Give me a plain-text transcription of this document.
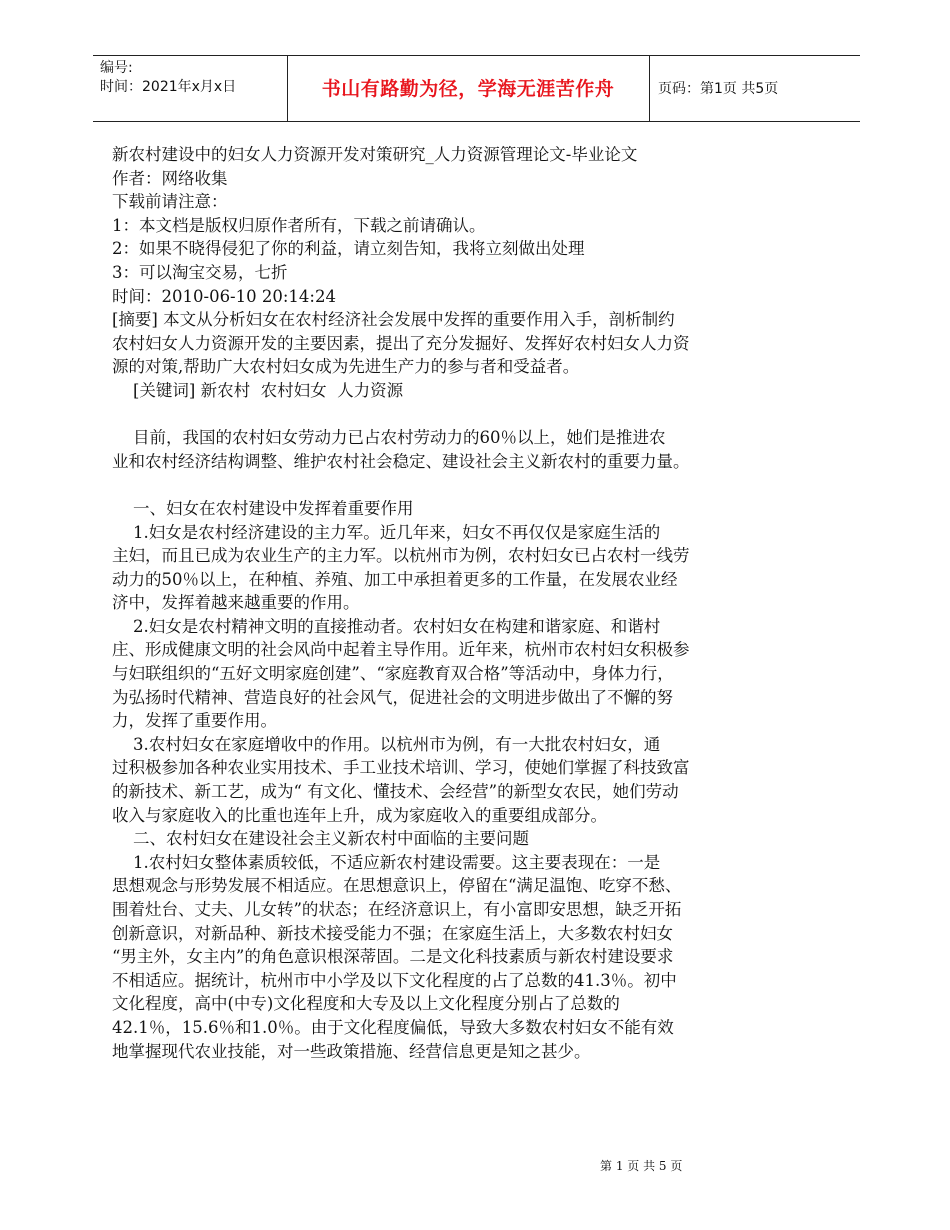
编号:
时间：2021年x月x日	书山有路勤为径，学海无涯苦作舟	页码：第1页 共5页
新农村建设中的妇女人力资源开发对策研究_人力资源管理论文-毕业论文
作者：网络收集
下载前请注意：
1：本文档是版权归原作者所有，下载之前请确认。
2：如果不晓得侵犯了你的利益，请立刻告知，我将立刻做出处理
3：可以淘宝交易，七折
时间：2010-06-10 20:14:24
[摘要] 本文从分析妇女在农村经济社会发展中发挥的重要作用入手，剖析制约
农村妇女人力资源开发的主要因素，提出了充分发掘好、发挥好农村妇女人力资
源的对策,帮助广大农村妇女成为先进生产力的参与者和受益者。
[关键词] 新农村  农村妇女  人力资源
目前，我国的农村妇女劳动力已占农村劳动力的60％以上，她们是推进农
业和农村经济结构调整、维护农村社会稳定、建设社会主义新农村的重要力量。
一、妇女在农村建设中发挥着重要作用
1.妇女是农村经济建设的主力军。近几年来，妇女不再仅仅是家庭生活的
主妇，而且已成为农业生产的主力军。以杭州市为例，农村妇女已占农村一线劳
动力的50％以上，在种植、养殖、加工中承担着更多的工作量，在发展农业经
济中，发挥着越来越重要的作用。
2.妇女是农村精神文明的直接推动者。农村妇女在构建和谐家庭、和谐村
庄、形成健康文明的社会风尚中起着主导作用。近年来，杭州市农村妇女积极参
与妇联组织的“五好文明家庭创建”、“家庭教育双合格”等活动中，身体力行，
为弘扬时代精神、营造良好的社会风气，促进社会的文明进步做出了不懈的努
力，发挥了重要作用。
3.农村妇女在家庭增收中的作用。以杭州市为例，有一大批农村妇女，通
过积极参加各种农业实用技术、手工业技术培训、学习，使她们掌握了科技致富
的新技术、新工艺，成为“ 有文化、懂技术、会经营”的新型女农民，她们劳动
收入与家庭收入的比重也连年上升，成为家庭收入的重要组成部分。
二、农村妇女在建设社会主义新农村中面临的主要问题
1.农村妇女整体素质较低，不适应新农村建设需要。这主要表现在：一是
思想观念与形势发展不相适应。在思想意识上，停留在“满足温饱、吃穿不愁、
围着灶台、丈夫、儿女转”的状态；在经济意识上，有小富即安思想，缺乏开拓
创新意识，对新品种、新技术接受能力不强；在家庭生活上，大多数农村妇女
“男主外，女主内”的角色意识根深蒂固。二是文化科技素质与新农村建设要求
不相适应。据统计，杭州市中小学及以下文化程度的占了总数的41.3％。初中
文化程度，高中(中专)文化程度和大专及以上文化程度分别占了总数的
42.1％，15.6％和1.0％。由于文化程度偏低，导致大多数农村妇女不能有效
地掌握现代农业技能，对一些政策措施、经营信息更是知之甚少。
第 1 页 共 5 页
